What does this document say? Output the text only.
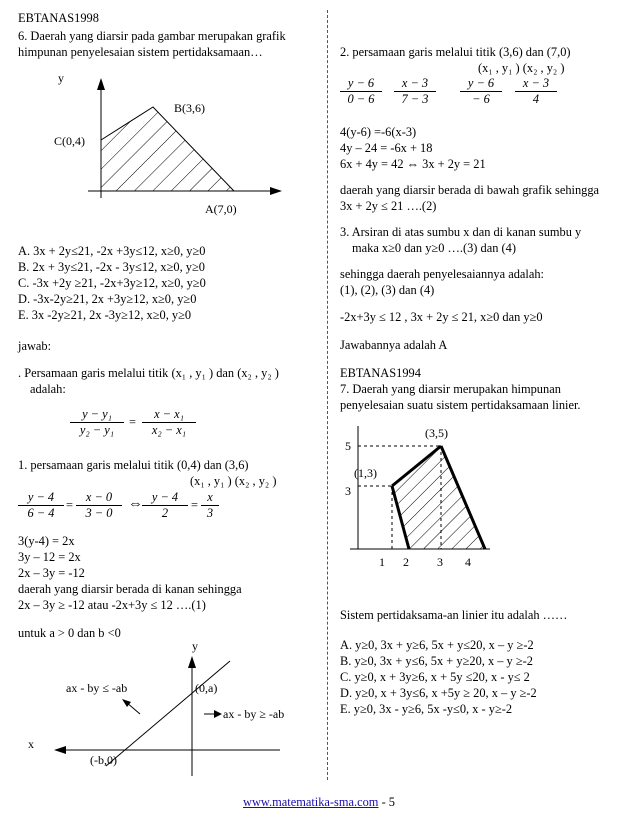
EBTANAS1998
6. Daerah yang diarsir pada gambar merupakan grafik
himpunan penyelesaian sistem pertidaksamaan…
y
B(3,6)
C(0,4)
A(7,0)
A. 3x + 2y≤21, -2x +3y≤12, x≥0, y≥0
B. 2x + 3y≤21, -2x - 3y≤12, x≥0, y≥0
C. -3x +2y ≥21, -2x+3y≥12, x≥0, y≥0
D. -3x-2y≥21, 2x +3y≥12, x≥0, y≥0
E. 3x -2y≥21, 2x -3y≥12, x≥0, y≥0
jawab:
. Persamaan garis melalui titik (x₁ , y₁ ) dan (x₂ , y₂ )
adalah:
$\frac{\text{y − y₁}}{\text{y₂ − y₁}} = \frac{\text{x − x₁}}{\text{x₂ − x₁}}$
1. persamaan garis melalui titik (0,4) dan (3,6)
(x₁ , y₁ ) (x₂ , y₂ )
$\frac{y - 4}{6 - 4} = \frac{x - 0}{3 - 0}$ ⇔ $\frac{y - 4}{2} = \frac{x}{3}$
3(y-4) = 2x
3y – 12 = 2x
2x – 3y = -12
daerah yang diarsir berada di kanan sehingga
2x – 3y ≥ -12 atau -2x+3y ≤ 12 ….(1)
untuk a > 0 dan b <0
y
x
ax - by ≤ -ab
ax - by ≥ -ab
(0,a)
(-b,0)
2. persamaan garis melalui titik (3,6) dan (7,0)
(x₁ , y₁ ) (x₂ , y₂ )
$\frac{y - 6}{0 - 6} \frac{x - 3}{7 - 3} \frac{y - 6}{- 6} \frac{x - 3}{4}$
4(y-6) =-6(x-3)
4y – 24 = -6x + 18
6x + 4y = 42 ⇔ 3x + 2y = 21
daerah yang diarsir berada di bawah grafik sehingga
3x + 2y ≤ 21 ….(2)
3. Arsiran di atas sumbu x dan di kanan sumbu y
maka x≥0 dan y≥0 ….(3) dan (4)
sehingga daerah penyelesaiannya adalah:
(1), (2), (3) dan (4)
-2x+3y ≤ 12 , 3x + 2y ≤ 21, x≥0 dan y≥0
Jawabannya adalah A
EBTANAS1994
7. Daerah yang diarsir merupakan himpunan
penyelesaian suatu sistem pertidaksamaan linier.
(3,5)
(1,3)
5
3
1 2 3 4
Sistem pertidaksama-an linier itu adalah ……
A. y≥0, 3x + y≥6, 5x + y≤20, x – y ≥-2
B. y≥0, 3x + y≤6, 5x + y≥20, x – y ≥-2
C. y≥0, x + 3y≥6, x + 5y ≤20, x - y≤ 2
D. y≥0, x + 3y≤6, x +5y ≥ 20, x – y ≥-2
E. y≥0, 3x - y≥6, 5x -y≤0, x - y≥-2
www.matematika-sma.com - 5
